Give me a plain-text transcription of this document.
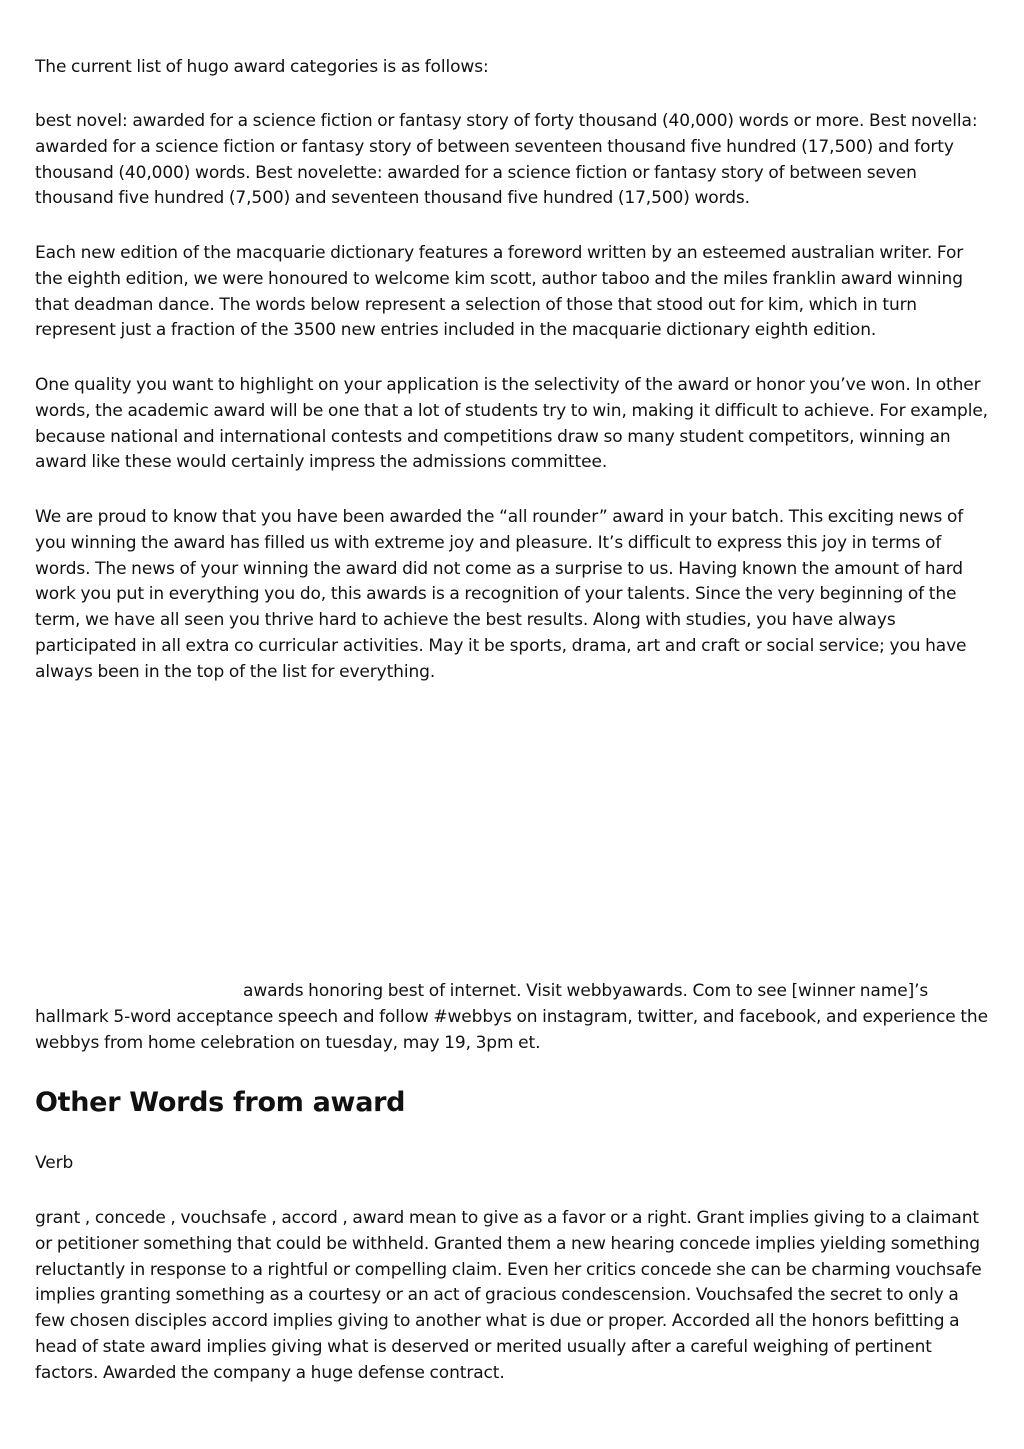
The current list of hugo award categories is as follows:

best novel: awarded for a science fiction or fantasy story of forty thousand (40,000) words or more. Best novella: awarded for a science fiction or fantasy story of between seventeen thousand five hundred (17,500) and forty thousand (40,000) words. Best novelette: awarded for a science fiction or fantasy story of between seven thousand five hundred (7,500) and seventeen thousand five hundred (17,500) words.

Each new edition of the macquarie dictionary features a foreword written by an esteemed australian writer. For the eighth edition, we were honoured to welcome kim scott, author taboo and the miles franklin award winning that deadman dance. The words below represent a selection of those that stood out for kim, which in turn represent just a fraction of the 3500 new entries included in the macquarie dictionary eighth edition.

One quality you want to highlight on your application is the selectivity of the award or honor you’ve won. In other words, the academic award will be one that a lot of students try to win, making it difficult to achieve. For example, because national and international contests and competitions draw so many student competitors, winning an award like these would certainly impress the admissions committee.

We are proud to know that you have been awarded the “all rounder” award in your batch. This exciting news of you winning the award has filled us with extreme joy and pleasure. It’s difficult to express this joy in terms of words. The news of your winning the award did not come as a surprise to us. Having known the amount of hard work you put in everything you do, this awards is a recognition of your talents. Since the very beginning of the term, we have all seen you thrive hard to achieve the best results. Along with studies, you have always participated in all extra co curricular activities. May it be sports, drama, art and craft or social service; you have always been in the top of the list for everything.

awards honoring best of internet. Visit webbyawards. Com to see [winner name]’s hallmark 5-word acceptance speech and follow #webbys on instagram, twitter, and facebook, and experience the webbys from home celebration on tuesday, may 19, 3pm et.

Other Words from award

Verb

grant , concede , vouchsafe , accord , award mean to give as a favor or a right. Grant implies giving to a claimant or petitioner something that could be withheld. Granted them a new hearing concede implies yielding something reluctantly in response to a rightful or compelling claim. Even her critics concede she can be charming vouchsafe implies granting something as a courtesy or an act of gracious condescension. Vouchsafed the secret to only a few chosen disciples accord implies giving to another what is due or proper. Accorded all the honors befitting a head of state award implies giving what is deserved or merited usually after a careful weighing of pertinent factors. Awarded the company a huge defense contract.
